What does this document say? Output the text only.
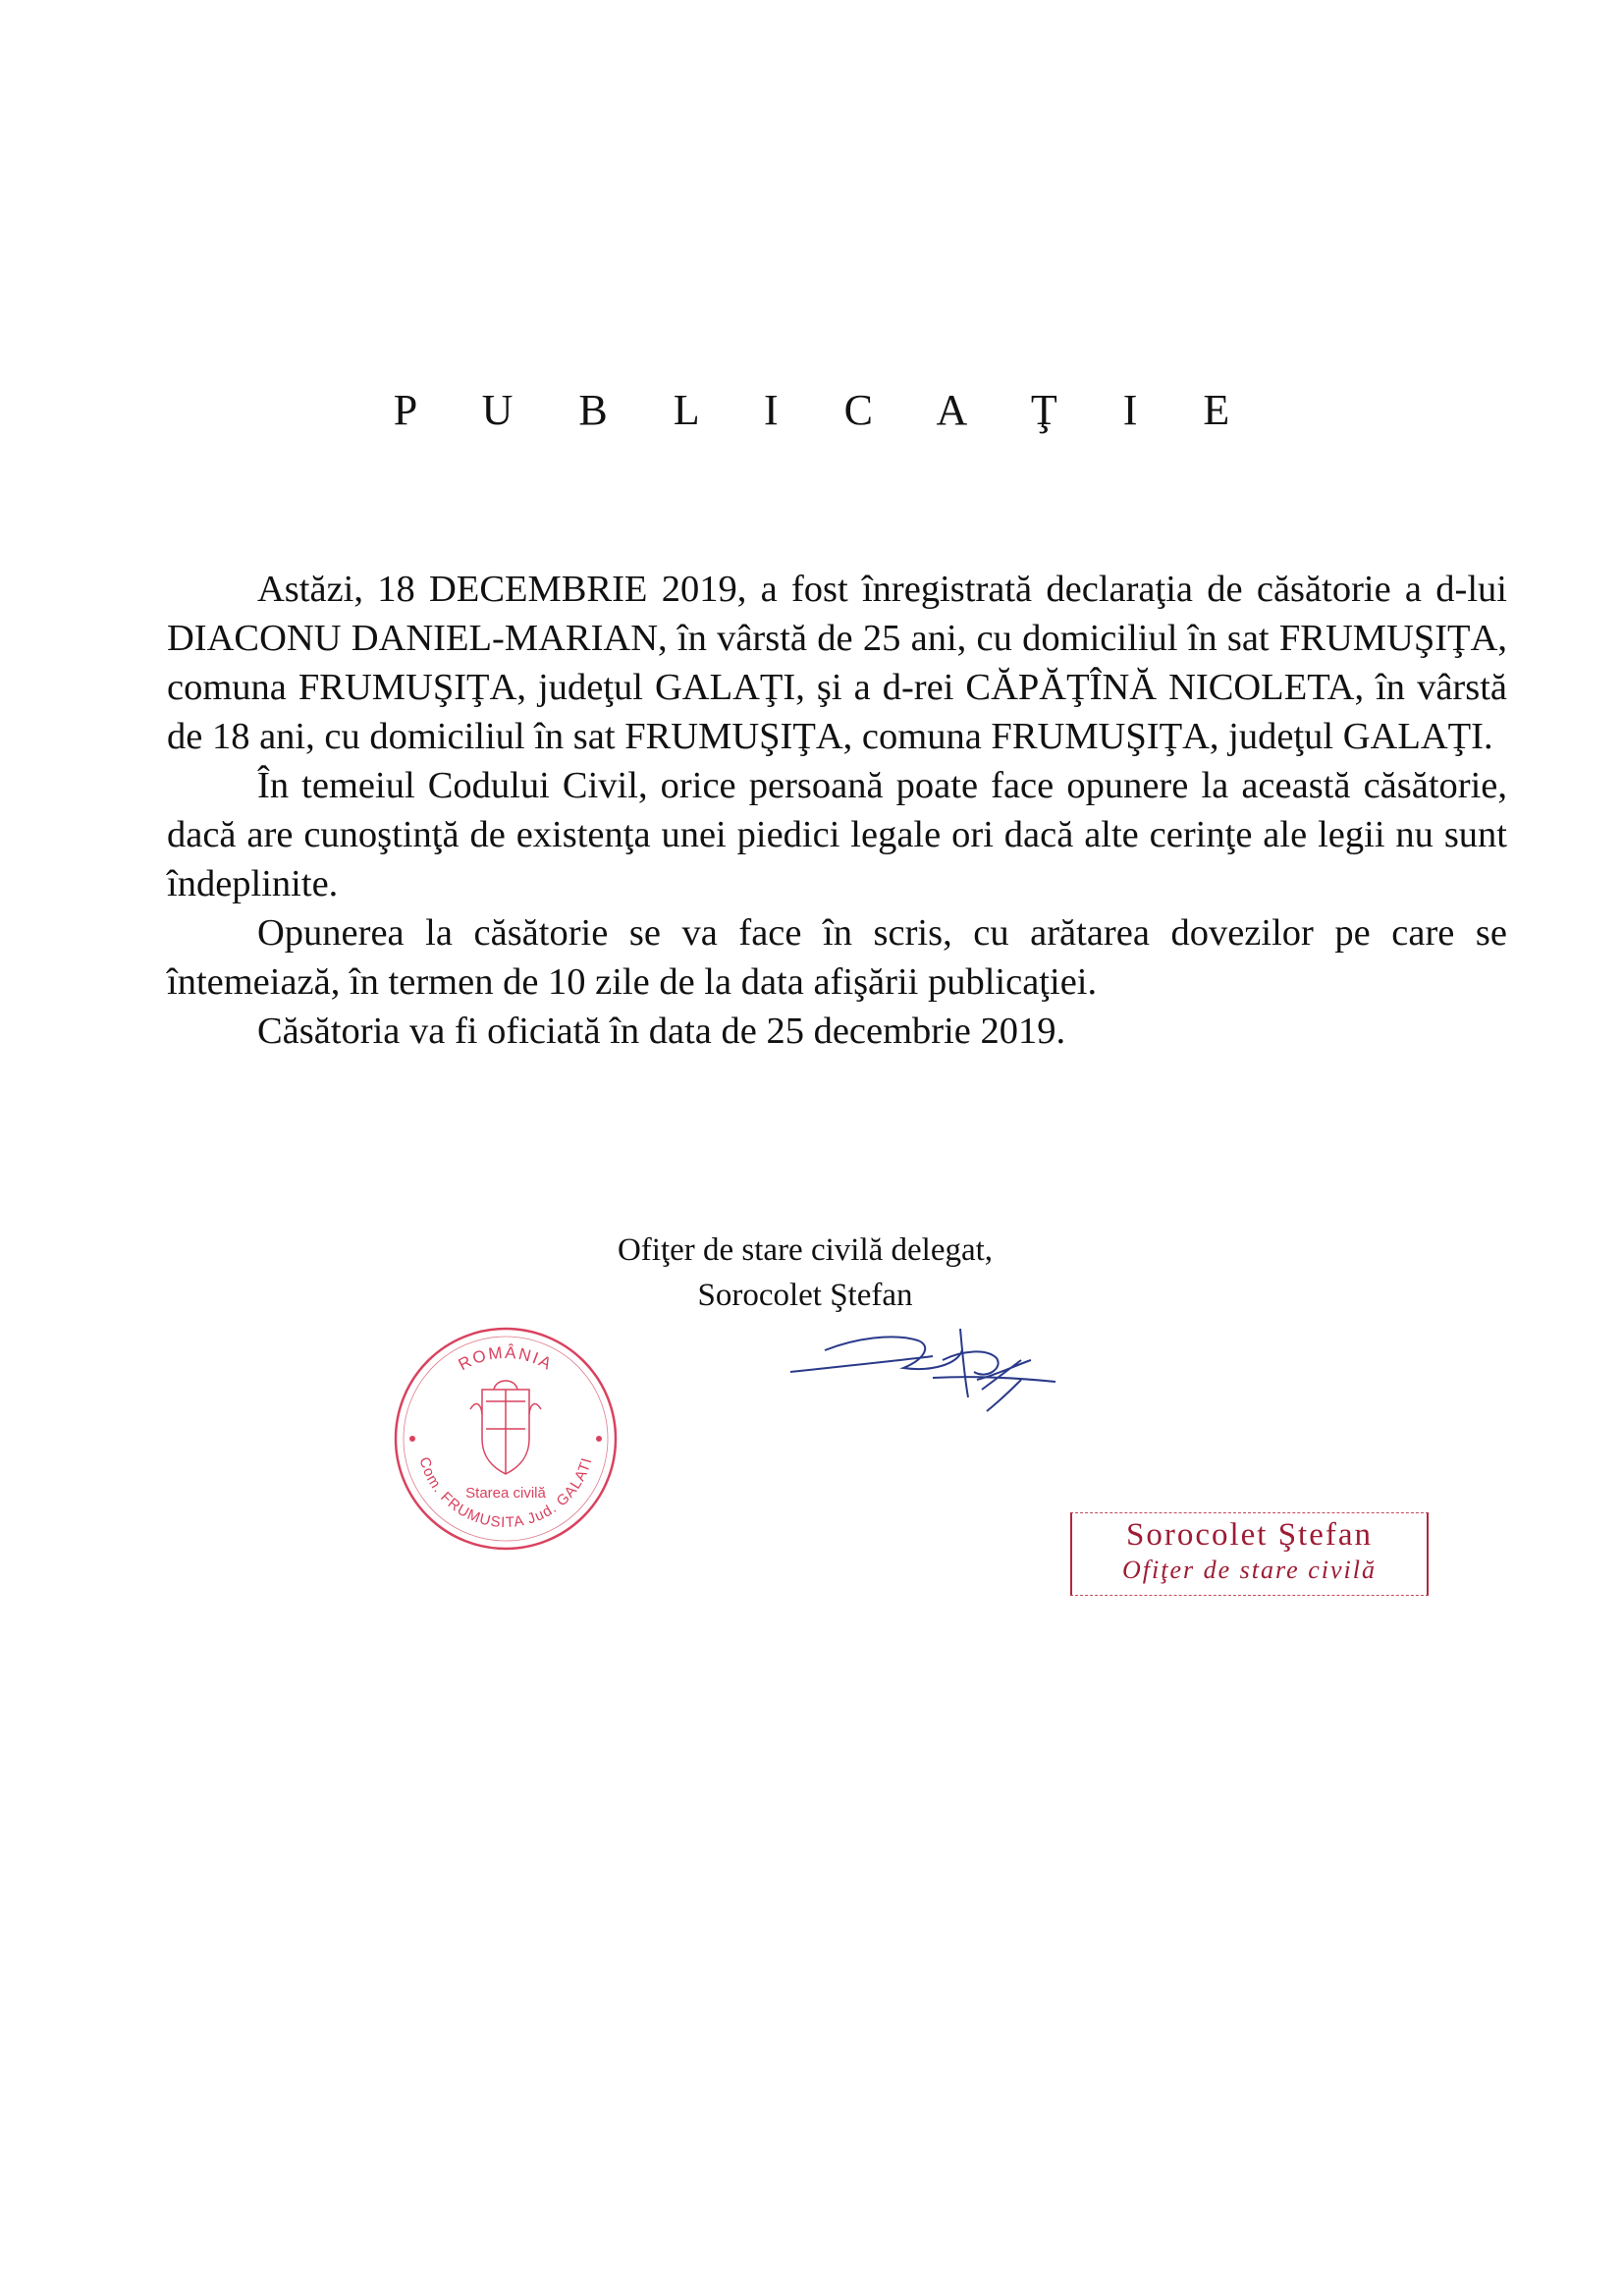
P U B L I C A Ţ I E

Astăzi, 18 DECEMBRIE 2019, a fost înregistrată declaraţia de căsătorie a d-lui DIACONU DANIEL-MARIAN, în vârstă de 25 ani, cu domiciliul în sat FRUMUŞIŢA, comuna FRUMUŞIŢA, judeţul GALAŢI, şi a d-rei CĂPĂŢÎNĂ NICOLETA, în vârstă de 18 ani, cu domiciliul în sat FRUMUŞIŢA, comuna FRUMUŞIŢA, judeţul GALAŢI.

În temeiul Codului Civil, orice persoană poate face opunere la această căsătorie, dacă are cunoştinţă de existenţa unei piedici legale ori dacă alte cerinţe ale legii nu sunt îndeplinite.

Opunerea la căsătorie se va face în scris, cu arătarea dovezilor pe care se întemeiază, în termen de 10 zile de la data afişării publicaţiei.

Căsătoria va fi oficiată în data de 25 decembrie 2019.

Ofiţer de stare civilă delegat,
Sorocolet Ştefan
ROMÂNIA
Com. FRUMUSITA Jud. GALATI
Starea civilă
Sorocolet Ştefan
Ofiţer de stare civilă
